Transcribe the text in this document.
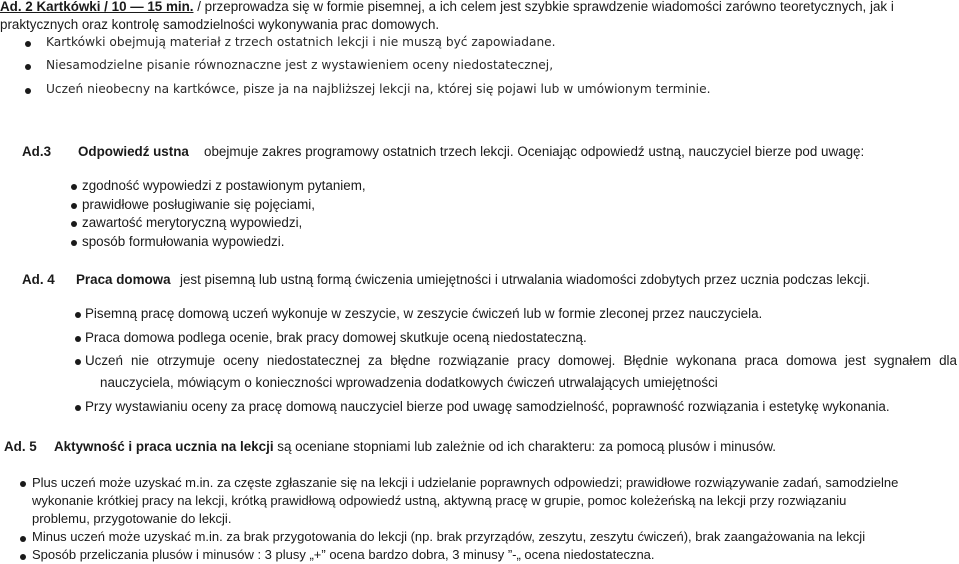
Ad. 2 Kartkówki / 10 — 15 min. / przeprowadza się w formie pisemnej, a ich celem jest szybkie sprawdzenie wiadomości zarówno teoretycznych, jak i
praktycznych oraz kontrolę samodzielności wykonywania prac domowych.
Kartkówki obejmują materiał z trzech ostatnich lekcji i nie muszą być zapowiadane.
Niesamodzielne pisanie równoznaczne jest z wystawieniem oceny niedostatecznej,
Uczeń nieobecny na kartkówce, pisze ja na najbliższej lekcji na, której się pojawi lub w umówionym terminie.
Ad.3 Odpowiedź ustna obejmuje zakres programowy ostatnich trzech lekcji. Oceniając odpowiedź ustną, nauczyciel bierze pod uwagę:
zgodność wypowiedzi z postawionym pytaniem,
prawidłowe posługiwanie się pojęciami,
zawartość merytoryczną wypowiedzi,
sposób formułowania wypowiedzi.
Ad. 4 Praca domowa jest pisemną lub ustną formą ćwiczenia umiejętności i utrwalania wiadomości zdobytych przez ucznia podczas lekcji.
Pisemną pracę domową uczeń wykonuje w zeszycie, w zeszycie ćwiczeń lub w formie zleconej przez nauczyciela.
Praca domowa podlega ocenie, brak pracy domowej skutkuje oceną niedostateczną.
Uczeń nie otrzymuje oceny niedostatecznej za błędne rozwiązanie pracy domowej. Błędnie wykonana praca domowa jest sygnałem dla
nauczyciela, mówiącym o konieczności wprowadzenia dodatkowych ćwiczeń utrwalających umiejętności
Przy wystawianiu oceny za pracę domową nauczyciel bierze pod uwagę samodzielność, poprawność rozwiązania i estetykę wykonania.
Ad. 5 Aktywność i praca ucznia na lekcji są oceniane stopniami lub zależnie od ich charakteru: za pomocą plusów i minusów.
Plus uczeń może uzyskać m.in. za częste zgłaszanie się na lekcji i udzielanie poprawnych odpowiedzi; prawidłowe rozwiązywanie zadań, samodzielne
wykonanie krótkiej pracy na lekcji, krótką prawidłową odpowiedź ustną, aktywną pracę w grupie, pomoc koleżeńską na lekcji przy rozwiązaniu
problemu, przygotowanie do lekcji.
Minus uczeń może uzyskać m.in. za brak przygotowania do lekcji (np. brak przyrządów, zeszytu, zeszytu ćwiczeń), brak zaangażowania na lekcji
Sposób przeliczania plusów i minusów : 3 plusy „+” ocena bardzo dobra, 3 minusy ”-„ ocena niedostateczna.
